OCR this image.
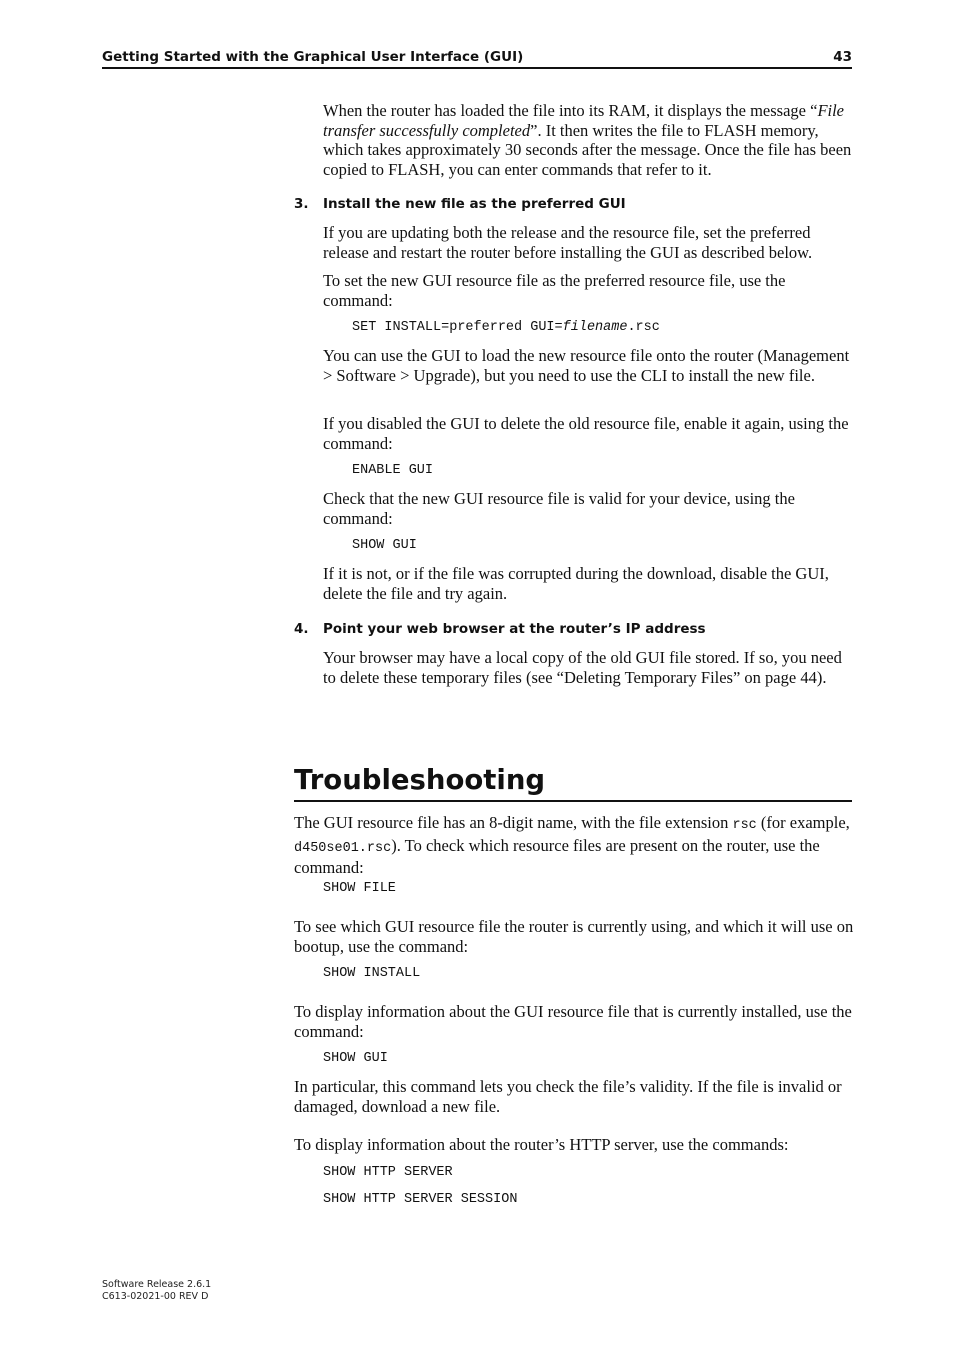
Getting Started with the Graphical User Interface (GUI)	43

When the router has loaded the file into its RAM, it displays the message “File transfer successfully completed”. It then writes the file to FLASH memory, which takes approximately 30 seconds after the message. Once the file has been copied to FLASH, you can enter commands that refer to it.

3. Install the new file as the preferred GUI

If you are updating both the release and the resource file, set the preferred release and restart the router before installing the GUI as described below.

To set the new GUI resource file as the preferred resource file, use the command:

SET INSTALL=preferred GUI=filename.rsc

You can use the GUI to load the new resource file onto the router (Management > Software > Upgrade), but you need to use the CLI to install the new file.

If you disabled the GUI to delete the old resource file, enable it again, using the command:

ENABLE GUI

Check that the new GUI resource file is valid for your device, using the command:

SHOW GUI

If it is not, or if the file was corrupted during the download, disable the GUI, delete the file and try again.

4. Point your web browser at the router’s IP address

Your browser may have a local copy of the old GUI file stored. If so, you need to delete these temporary files (see “Deleting Temporary Files” on page 44).

Troubleshooting

The GUI resource file has an 8-digit name, with the file extension rsc (for example, d450se01.rsc). To check which resource files are present on the router, use the command:

SHOW FILE

To see which GUI resource file the router is currently using, and which it will use on bootup, use the command:

SHOW INSTALL

To display information about the GUI resource file that is currently installed, use the command:

SHOW GUI

In particular, this command lets you check the file’s validity. If the file is invalid or damaged, download a new file.

To display information about the router’s HTTP server, use the commands:

SHOW HTTP SERVER
SHOW HTTP SERVER SESSION
Software Release 2.6.1
C613-02021-00 REV D
